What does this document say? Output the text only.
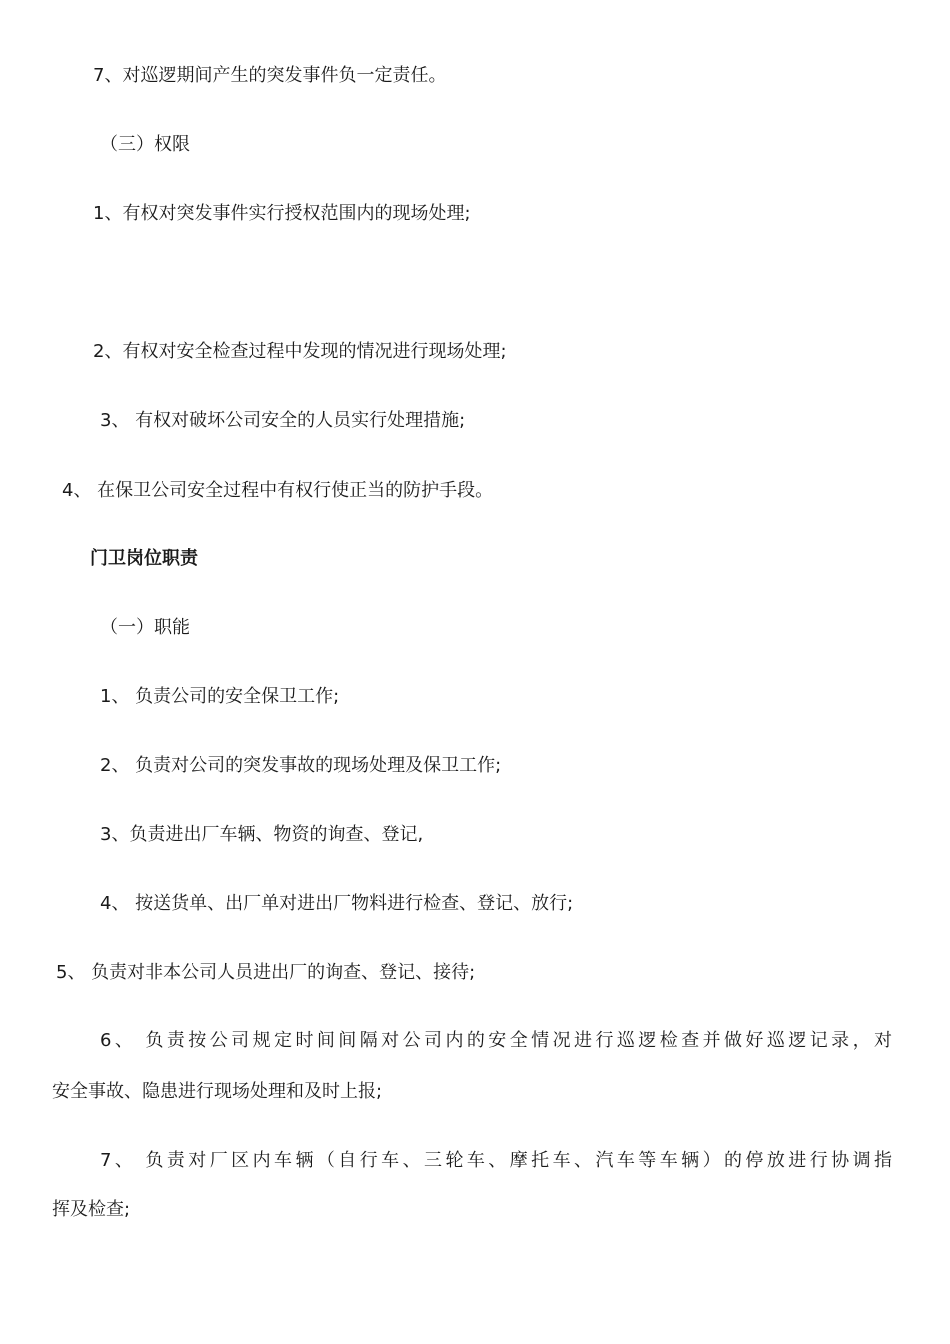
7、对巡逻期间产生的突发事件负一定责任。

（三）权限

1、有权对突发事件实行授权范围内的现场处理;

2、有权对安全检查过程中发现的情况进行现场处理;

3、 有权对破坏公司安全的人员实行处理措施;

4、 在保卫公司安全过程中有权行使正当的防护手段。

门卫岗位职责

（一）职能

1、 负责公司的安全保卫工作;

2、 负责对公司的突发事故的现场处理及保卫工作;

3、负责进出厂车辆、物资的询查、登记,

4、 按送货单、出厂单对进出厂物料进行检查、登记、放行;

5、 负责对非本公司人员进出厂的询查、登记、接待;

6、 负责按公司规定时间间隔对公司内的安全情况进行巡逻检查并做好巡逻记录，对

安全事故、隐患进行现场处理和及时上报;

7、 负责对厂区内车辆（自行车、三轮车、摩托车、汽车等车辆）的停放进行协调指

挥及检查;
